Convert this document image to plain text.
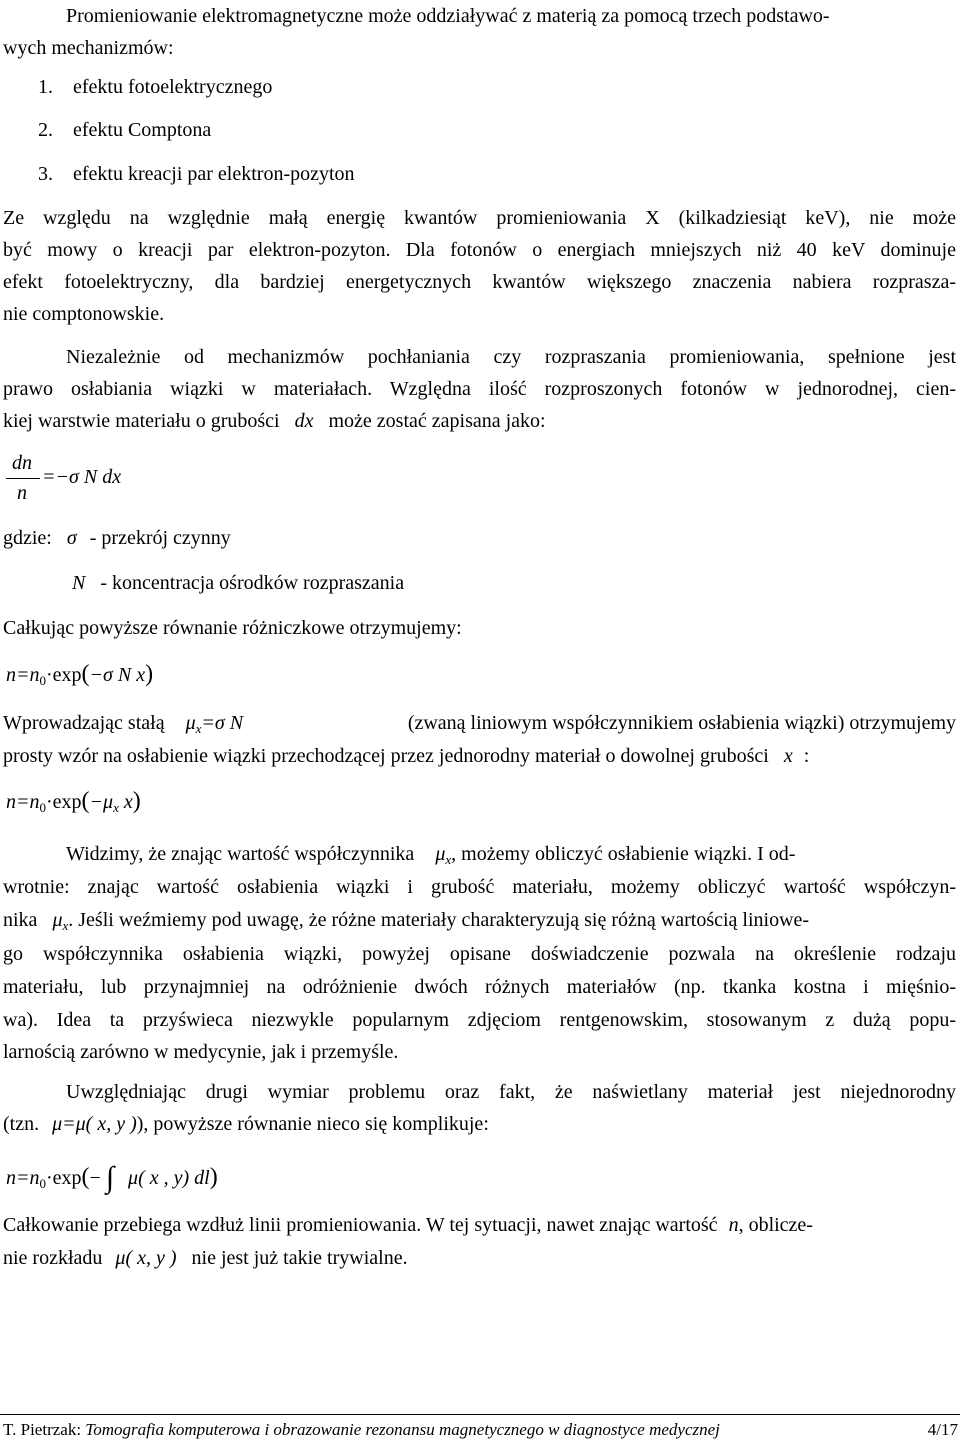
Promieniowanie elektromagnetyczne może oddziaływać z materią za pomocą trzech podstawo-
wych mechanizmów:
1. efektu fotoelektrycznego
2. efektu Comptona
3. efektu kreacji par elektron-pozyton
Ze względu na względnie małą energię kwantów promieniowania X (kilkadziesiąt keV), nie może
być mowy o kreacji par elektron-pozyton. Dla fotonów o energiach mniejszych niż 40 keV dominuje
efekt fotoelektryczny, dla bardziej energetycznych kwantów większego znaczenia nabiera rozprasza-
nie comptonowskie.
Niezależnie od mechanizmów pochłaniania czy rozpraszania promieniowania, spełnione jest
prawo osłabiania wiązki w materiałach. Względna ilość rozproszonych fotonów w jednorodnej, cien-
kiej warstwie materiału o grubości dx może zostać zapisana jako:
dn
n
=−σ N dx
gdzie: σ - przekrój czynny
N - koncentracja ośrodków rozpraszania
Całkując powyższe równanie różniczkowe otrzymujemy:
$n=n_0\cdot\exp(-\sigma$ N x)
Wprowadzając stałą $\mu_x=\sigma$ N	(zwaną liniowym współczynnikiem osłabienia wiązki) otrzymujemy
prosty wzór na osłabienie wiązki przechodzącej przez jednorodny materiał o dowolnej grubości x :
$n=n_0\cdot\exp(-\mu_x$ x)
Widzimy, że znając wartość współczynnika $\mu_x$, możemy obliczyć osłabienie wiązki. I od-
wrotnie: znając wartość osłabienia wiązki i grubość materiału, możemy obliczyć wartość współczyn-
nika $\mu_x$. Jeśli weźmiemy pod uwagę, że różne materiały charakteryzują się różną wartością liniowe-
go współczynnika osłabienia wiązki, powyżej opisane doświadczenie pozwala na określenie rodzaju
materiału, lub przynajmniej na odróżnienie dwóch różnych materiałów (np. tkanka kostna i mięśnio-
wa). Idea ta przyświeca niezwykle popularnym zdjęciom rentgenowskim, stosowanym z dużą popu-
larnością zarówno w medycynie, jak i przemyśle.
Uwzględniając drugi wymiar problemu oraz fakt, że naświetlany materiał jest niejednorodny
(tzn. μ=μ( x, y )), powyższe równanie nieco się komplikuje:
$n=n_0\cdot\exp(-$ ∫ μ( x , y) dl)
Całkowanie przebiega wzdłuż linii promieniowania. W tej sytuacji, nawet znając wartość n, oblicze-
nie rozkładu μ( x, y ) nie jest już takie trywialne.
T. Pietrzak: Tomografia komputerowa i obrazowanie rezonansu magnetycznego w diagnostyce medycznej	4/17
